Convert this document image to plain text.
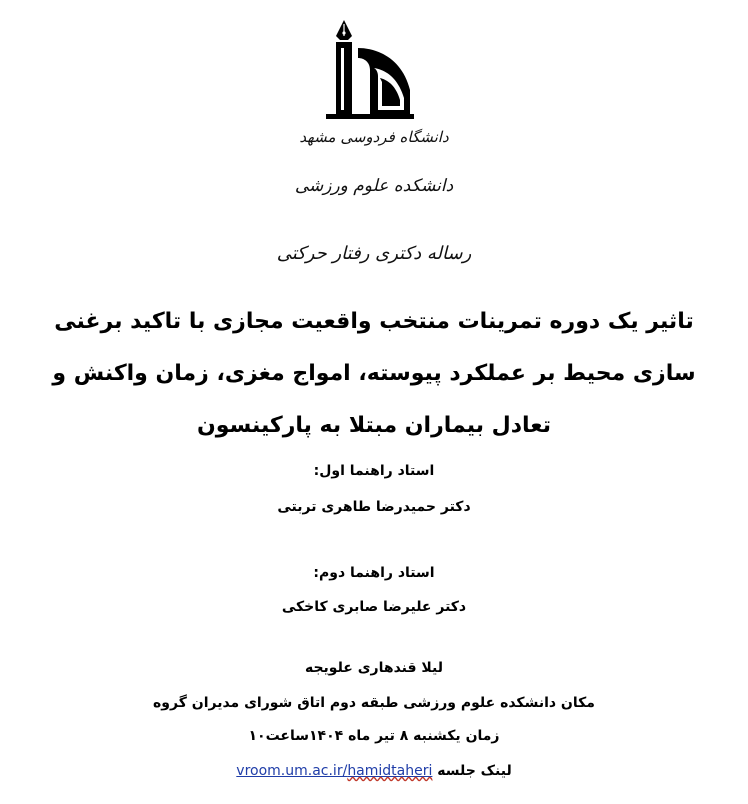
دانشگاه فردوسی مشهد
دانشکده علوم ورزشی
رساله دکتری رفتار حرکتی
تاثیر یک دوره تمرینات منتخب واقعیت مجازی با تاکید برغنی سازی محیط بر عملکرد پیوسته، امواج مغزی، زمان واکنش و تعادل بیماران مبتلا به پارکینسون
استاد راهنما اول:
دکتر حمیدرضا طاهری تربتی
استاد راهنما دوم:
دکتر علیرضا صابری کاخکی
لیلا قندهاری علویجه
مکان دانشکده علوم ورزشی طبقه دوم اتاق شورای مدیران گروه
زمان یکشنبه ۸ تیر ماه ۱۴۰۴ساعت۱۰
لینک جلسه vroom.um.ac.ir/hamidtaheri
